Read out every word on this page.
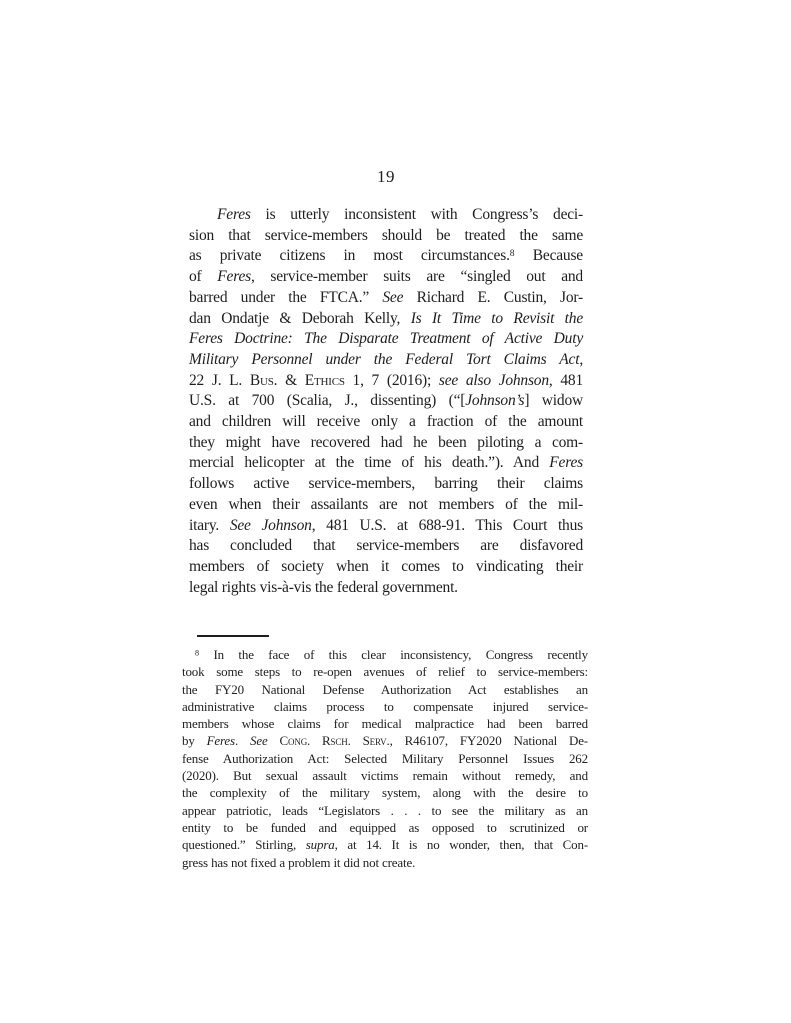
19
Feres is utterly inconsistent with Congress’s deci-
sion that service-members should be treated the same
as private citizens in most circumstances.$^8$ Because
of Feres, service-member suits are “singled out and
barred under the FTCA.” See Richard E. Custin, Jor-
dan Ondatje & Deborah Kelly, Is It Time to Revisit the
Feres Doctrine: The Disparate Treatment of Active Duty
Military Personnel under the Federal Tort Claims Act,
22 J. L. Bus. & Ethics 1, 7 (2016); see also Johnson, 481
U.S. at 700 (Scalia, J., dissenting) (“[Johnson’s] widow
and children will receive only a fraction of the amount
they might have recovered had he been piloting a com-
mercial helicopter at the time of his death.”). And Feres
follows active service-members, barring their claims
even when their assailants are not members of the mil-
itary. See Johnson, 481 U.S. at 688-91. This Court thus
has concluded that service-members are disfavored
members of society when it comes to vindicating their
legal rights vis-à-vis the federal government.
$^8$ In the face of this clear inconsistency, Congress recently
took some steps to re-open avenues of relief to service-members:
the FY20 National Defense Authorization Act establishes an
administrative claims process to compensate injured service-
members whose claims for medical malpractice had been barred
by Feres. See Cong. Rsch. Serv., R46107, FY2020 National De-
fense Authorization Act: Selected Military Personnel Issues 262
(2020). But sexual assault victims remain without remedy, and
the complexity of the military system, along with the desire to
appear patriotic, leads “Legislators . . . to see the military as an
entity to be funded and equipped as opposed to scrutinized or
questioned.” Stirling, supra, at 14. It is no wonder, then, that Con-
gress has not fixed a problem it did not create.
